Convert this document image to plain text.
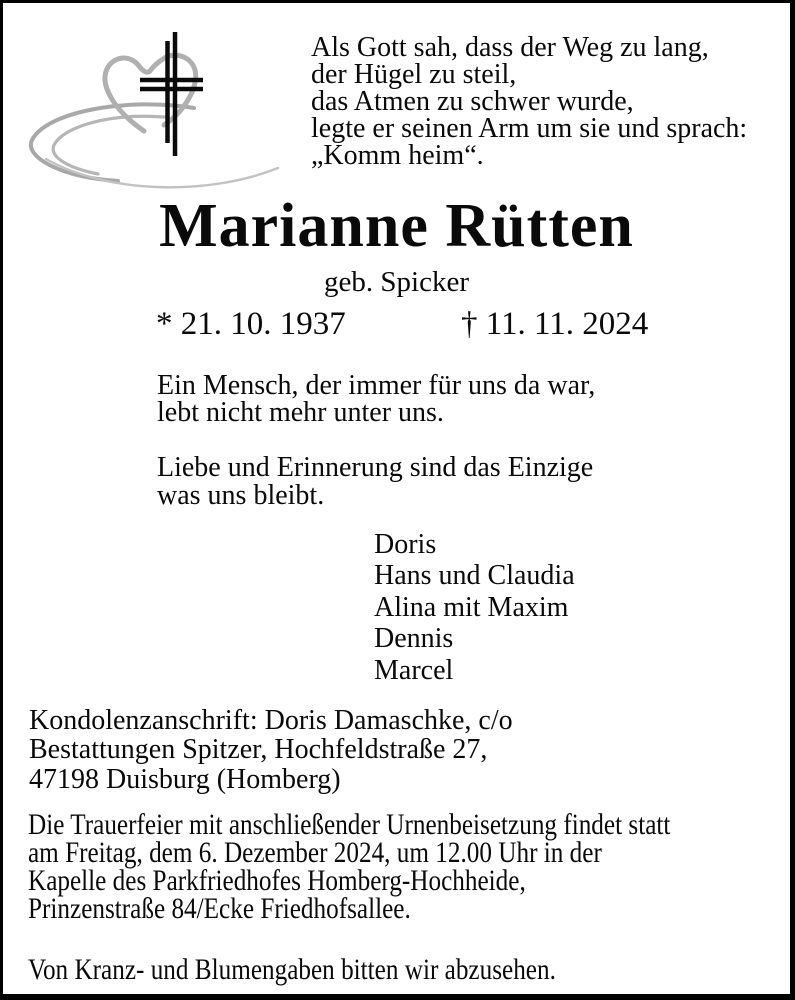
Als Gott sah, dass der Weg zu lang,
der Hügel zu steil,
das Atmen zu schwer wurde,
legte er seinen Arm um sie und sprach:
„Komm heim“.
Marianne Rütten
geb. Spicker
* 21. 10. 1937	† 11. 11. 2024
Ein Mensch, der immer für uns da war,
lebt nicht mehr unter uns.
Liebe und Erinnerung sind das Einzige
was uns bleibt.
Doris
Hans und Claudia
Alina mit Maxim
Dennis
Marcel
Kondolenzanschrift: Doris Damaschke, c/o
Bestattungen Spitzer, Hochfeldstraße 27,
47198 Duisburg (Homberg)
Die Trauerfeier mit anschließender Urnenbeisetzung findet statt
am Freitag, dem 6. Dezember 2024, um 12.00 Uhr in der
Kapelle des Parkfriedhofes Homberg-Hochheide,
Prinzenstraße 84/Ecke Friedhofsallee.
Von Kranz- und Blumengaben bitten wir abzusehen.
